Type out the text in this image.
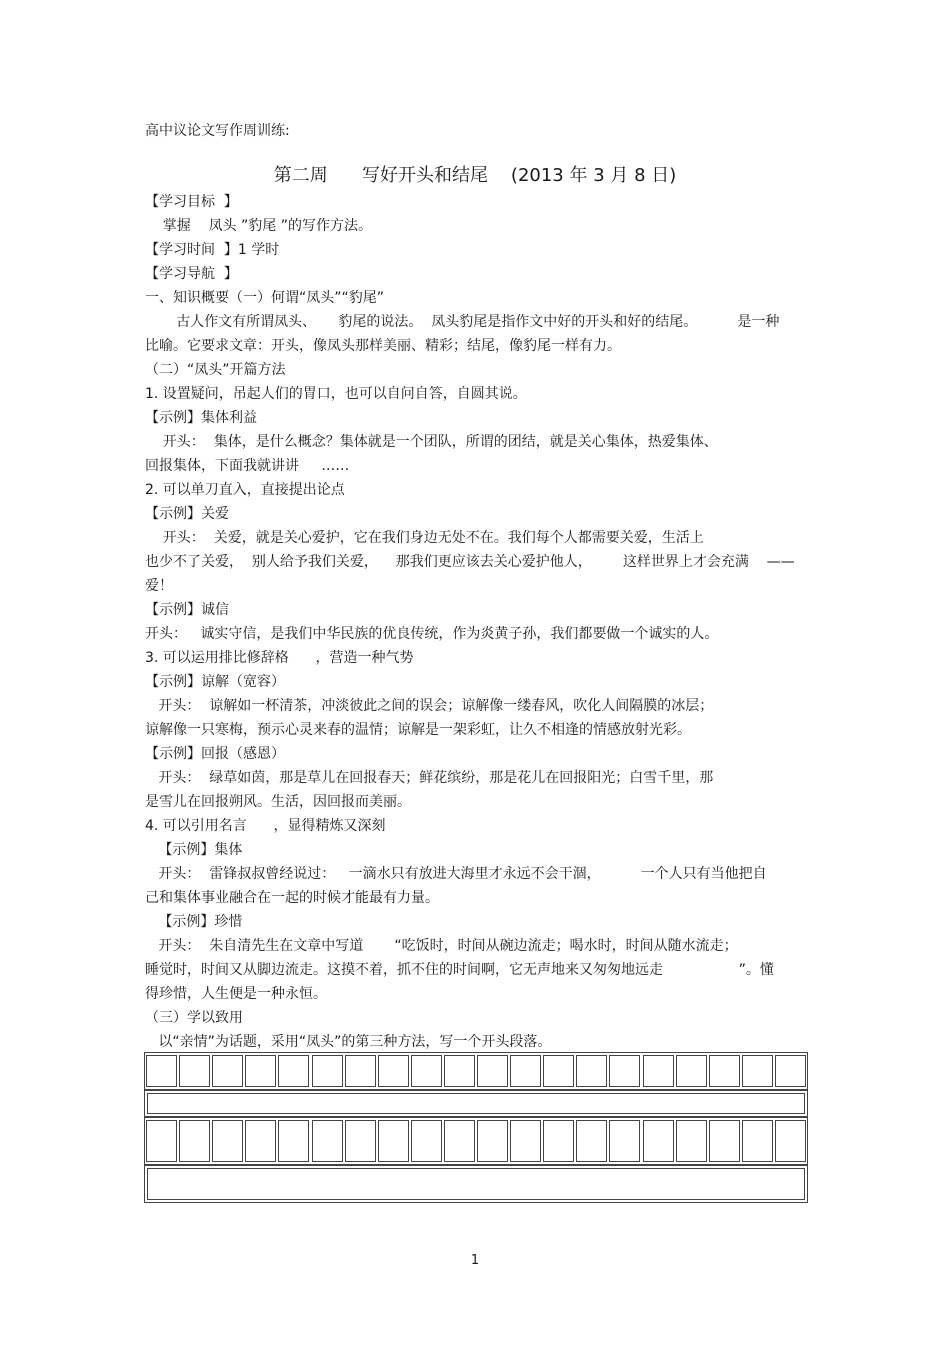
高中议论文写作周训练:
第二周      写好开头和结尾    (2013 年 3 月 8 日)
【学习目标  】
掌握    凤头 ”豹尾 ”的写作方法。
【学习时间  】1 学时
【学习导航  】
一、知识概要（一）何谓“凤头”“豹尾”
古人作文有所谓凤头、     豹尾的说法。  凤头豹尾是指作文中好的开头和好的结尾。         是一种
比喻。它要求文章：开头，像凤头那样美丽、精彩；结尾，像豹尾一样有力。
（二）“凤头”开篇方法
1. 设置疑问，吊起人们的胃口，也可以自问自答，自圆其说。
【示例】集体利益
开头：  集体，是什么概念？集体就是一个团队，所谓的团结，就是关心集体，热爱集体、
回报集体，下面我就讲讲     ……
2. 可以单刀直入，直接提出论点
【示例】关爱
开头：  关爱，就是关心爱护，它在我们身边无处不在。我们每个人都需要关爱，生活上
也少不了关爱，  别人给予我们关爱，    那我们更应该去关心爱护他人，       这样世界上才会充满    ——
爱！
【示例】诚信
开头：   诚实守信，是我们中华民族的优良传统，作为炎黄子孙，我们都要做一个诚实的人。
3. 可以运用排比修辞格      ，营造一种气势
【示例】谅解（宽容）
开头：  谅解如一杯清茶，冲淡彼此之间的误会；谅解像一缕春风，吹化人间隔膜的冰层；
谅解像一只寒梅，预示心灵来春的温情；谅解是一架彩虹，让久不相逢的情感放射光彩。
【示例】回报（感恩）
开头：  绿草如茵，那是草儿在回报春天；鲜花缤纷，那是花儿在回报阳光；白雪千里，那
是雪儿在回报朔风。生活，因回报而美丽。
4. 可以引用名言      ，显得精炼又深刻
【示例】集体
开头：  雷锋叔叔曾经说过：   一滴水只有放进大海里才永远不会干涸，         一个人只有当他把自
己和集体事业融合在一起的时候才能最有力量。
【示例】珍惜
开头：  朱自清先生在文章中写道       “吃饭时，时间从碗边流走；喝水时，时间从随水流走；
睡觉时，时间又从脚边流走。这摸不着，抓不住的时间啊，它无声地来又匆匆地远走                 ”。懂
得珍惜，人生便是一种永恒。
（三）学以致用
以“亲情”为话题，采用“凤头”的第三种方法，写一个开头段落。
1
